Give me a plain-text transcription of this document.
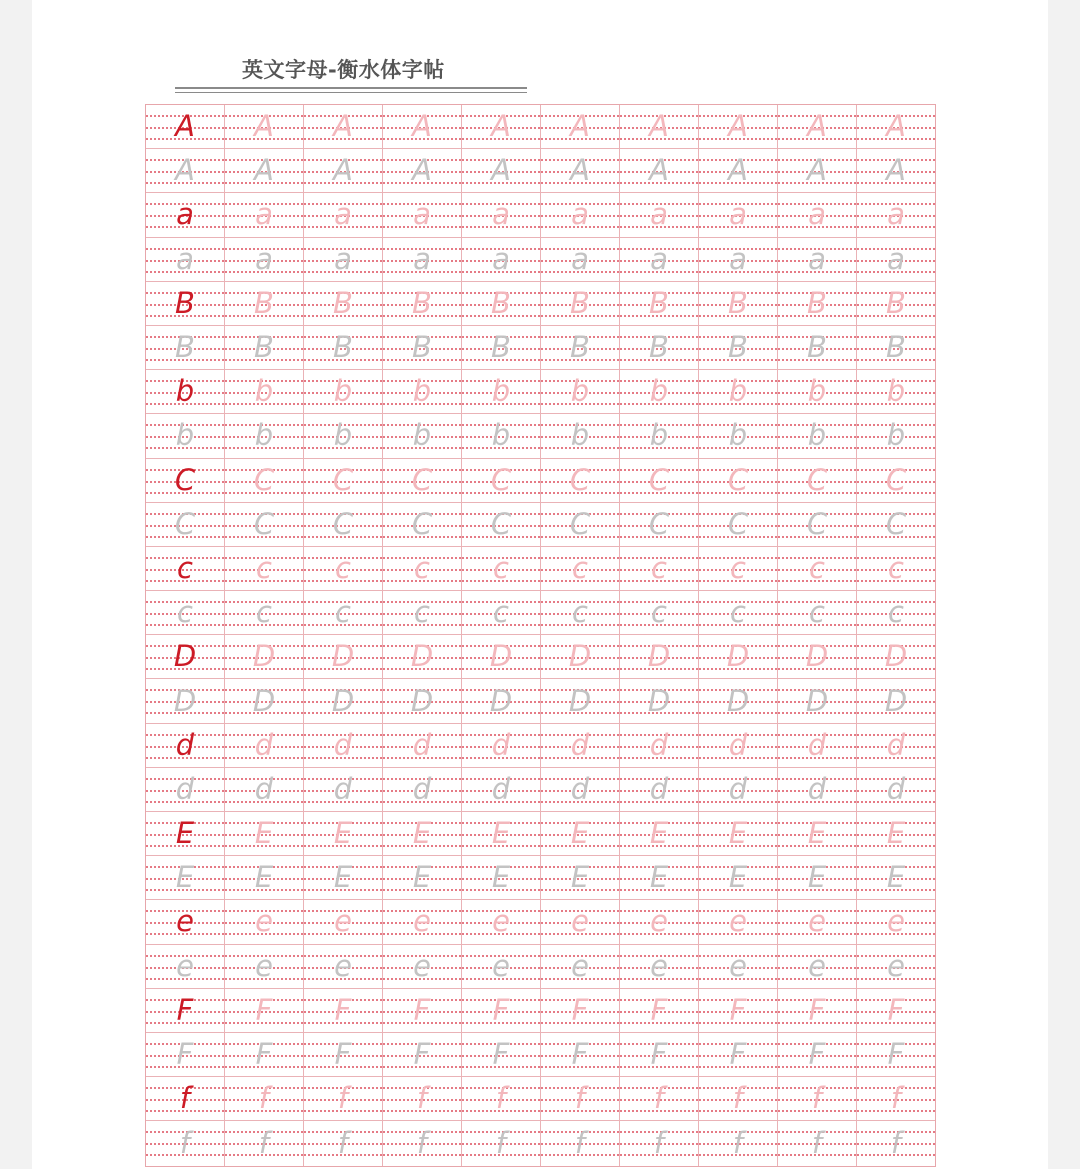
英文字母-衡水体字帖
A	A	A	A	A	A	A	A	A	A
A	A	A	A	A	A	A	A	A	A
a	a	a	a	a	a	a	a	a	a
a	a	a	a	a	a	a	a	a	a
B	B	B	B	B	B	B	B	B	B
B	B	B	B	B	B	B	B	B	B
b	b	b	b	b	b	b	b	b	b
b	b	b	b	b	b	b	b	b	b
C	C	C	C	C	C	C	C	C	C
C	C	C	C	C	C	C	C	C	C
c	c	c	c	c	c	c	c	c	c
c	c	c	c	c	c	c	c	c	c
D	D	D	D	D	D	D	D	D	D
D	D	D	D	D	D	D	D	D	D
d	d	d	d	d	d	d	d	d	d
d	d	d	d	d	d	d	d	d	d
E	E	E	E	E	E	E	E	E	E
E	E	E	E	E	E	E	E	E	E
e	e	e	e	e	e	e	e	e	e
e	e	e	e	e	e	e	e	e	e
F	F	F	F	F	F	F	F	F	F
F	F	F	F	F	F	F	F	F	F
f	f	f	f	f	f	f	f	f	f
f	f	f	f	f	f	f	f	f	f
